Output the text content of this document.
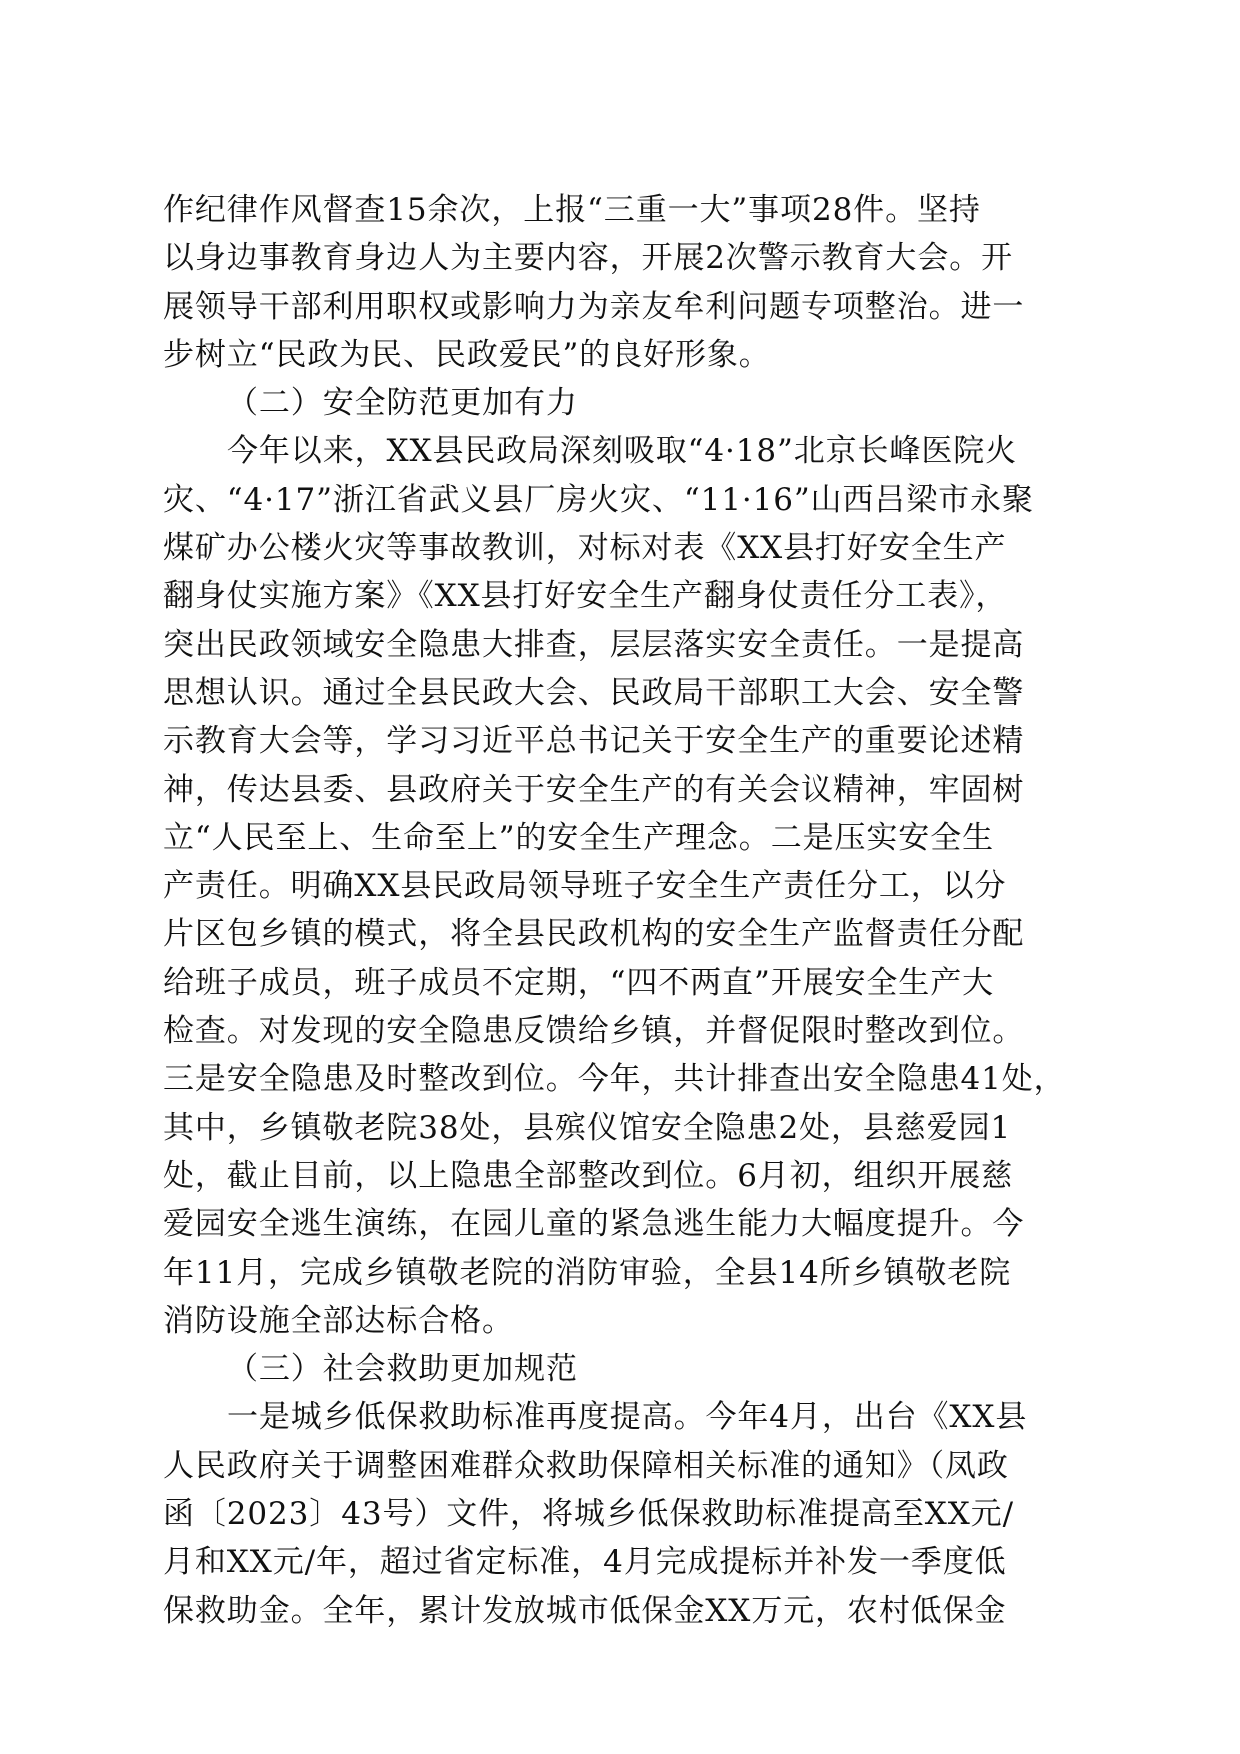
作纪律作风督查15余次，上报“三重一大”事项28件。坚持
以身边事教育身边人为主要内容，开展2次警示教育大会。开
展领导干部利用职权或影响力为亲友牟利问题专项整治。进一
步树立“民政为民、民政爱民”的良好形象。
（二）安全防范更加有力
今年以来，XX县民政局深刻吸取“4·18”北京长峰医院火
灾、“4·17”浙江省武义县厂房火灾、“11·16”山西吕梁市永聚
煤矿办公楼火灾等事故教训，对标对表《XX县打好安全生产
翻身仗实施方案》《XX县打好安全生产翻身仗责任分工表》，
突出民政领域安全隐患大排查，层层落实安全责任。一是提高
思想认识。通过全县民政大会、民政局干部职工大会、安全警
示教育大会等，学习习近平总书记关于安全生产的重要论述精
神，传达县委、县政府关于安全生产的有关会议精神，牢固树
立“人民至上、生命至上”的安全生产理念。二是压实安全生
产责任。明确XX县民政局领导班子安全生产责任分工，以分
片区包乡镇的模式，将全县民政机构的安全生产监督责任分配
给班子成员，班子成员不定期，“四不两直”开展安全生产大
检查。对发现的安全隐患反馈给乡镇，并督促限时整改到位。
三是安全隐患及时整改到位。今年，共计排查出安全隐患41处，
其中，乡镇敬老院38处，县殡仪馆安全隐患2处，县慈爱园1
处，截止目前，以上隐患全部整改到位。6月初，组织开展慈
爱园安全逃生演练，在园儿童的紧急逃生能力大幅度提升。今
年11月，完成乡镇敬老院的消防审验，全县14所乡镇敬老院
消防设施全部达标合格。
（三）社会救助更加规范
一是城乡低保救助标准再度提高。今年4月，出台《XX县
人民政府关于调整困难群众救助保障相关标准的通知》（凤政
函〔2023〕43号）文件，将城乡低保救助标准提高至XX元/
月和XX元/年，超过省定标准，4月完成提标并补发一季度低
保救助金。全年，累计发放城市低保金XX万元，农村低保金
